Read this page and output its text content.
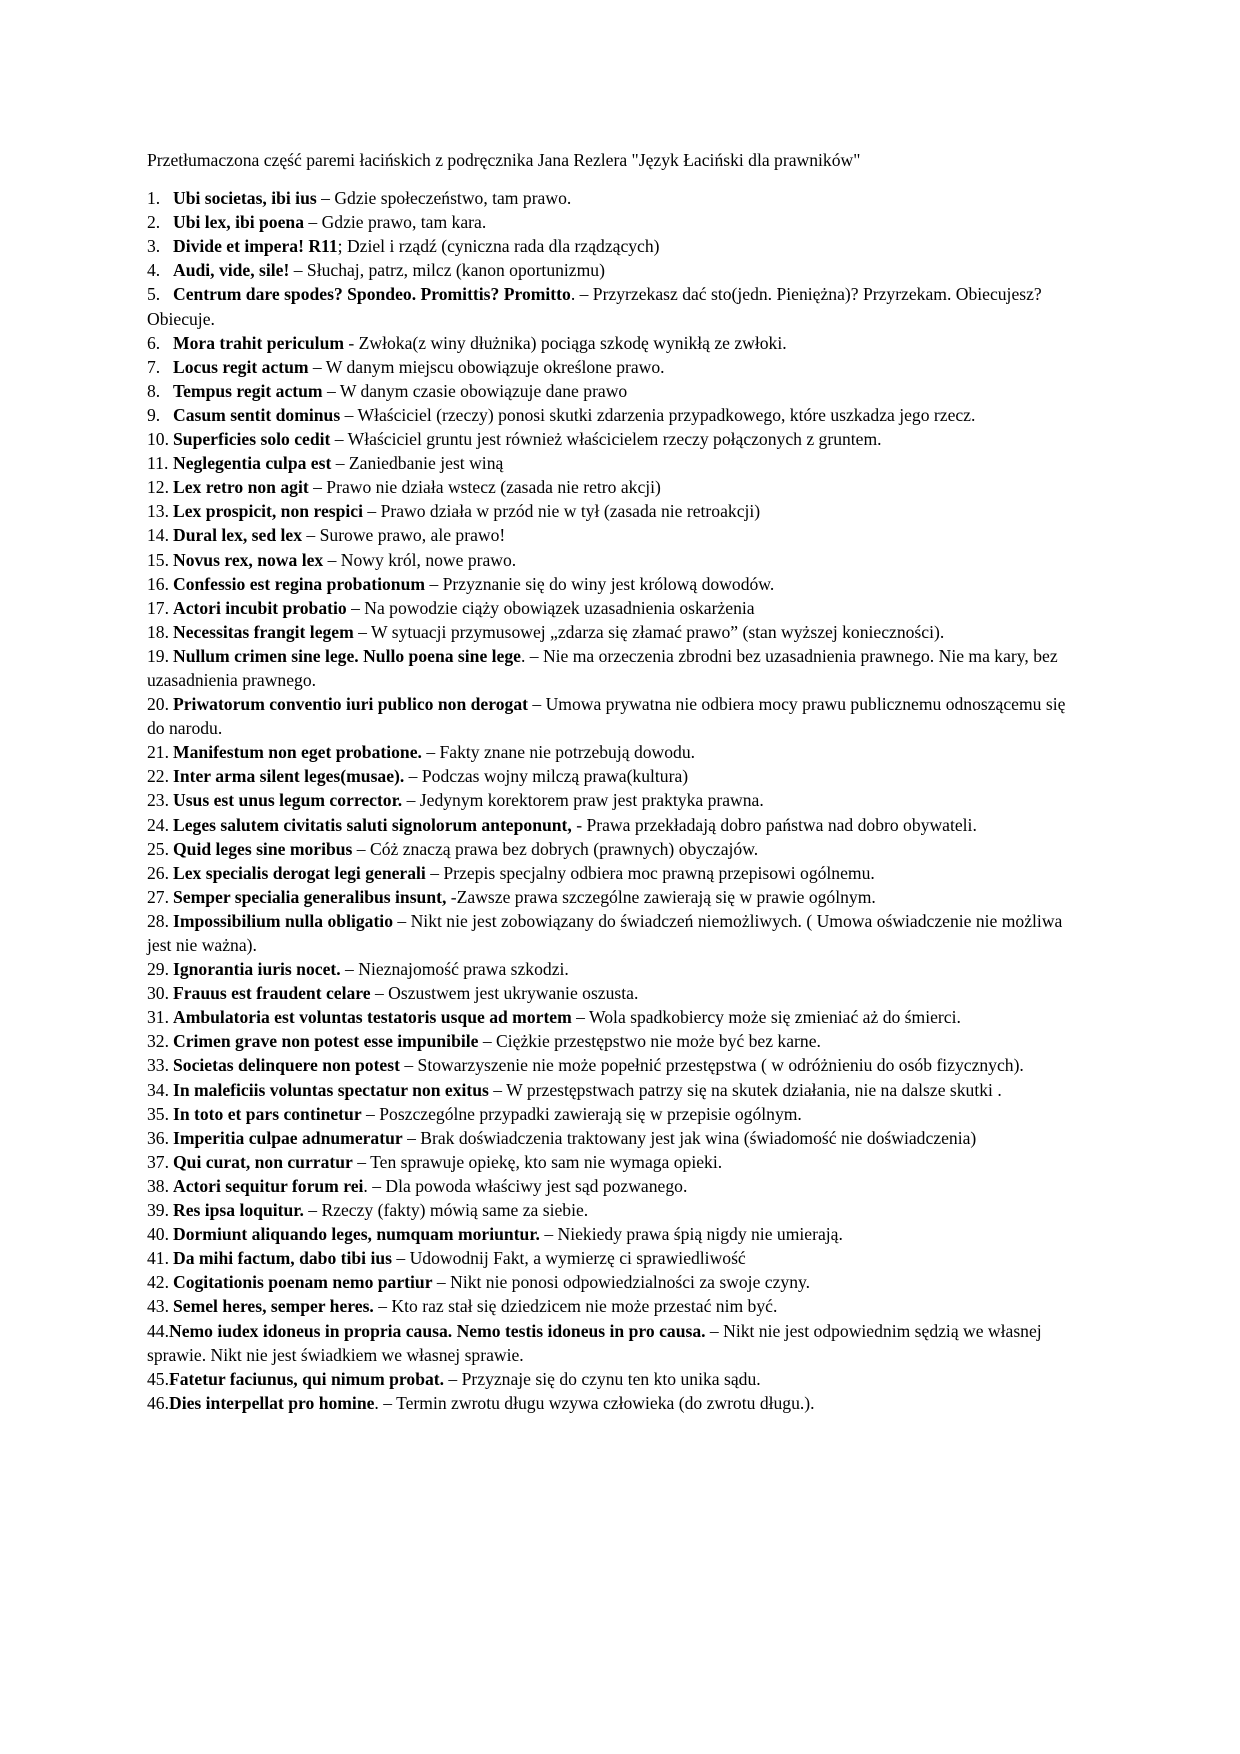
Przetłumaczona część paremi łacińskich z podręcznika Jana Rezlera "Język Łaciński dla prawników"

1. Ubi societas, ibi ius – Gdzie społeczeństwo, tam prawo.

2. Ubi lex, ibi poena – Gdzie prawo, tam kara.

3. Divide et impera! R11; Dziel i rządź (cyniczna rada dla rządzących)

4. Audi, vide, sile! – Słuchaj, patrz, milcz (kanon oportunizmu)

5. Centrum dare spodes? Spondeo. Promittis? Promitto. – Przyrzekasz dać sto(jedn. Pieniężna)? Przyrzekam. Obiecujesz? Obiecuje.

6. Mora trahit periculum - Zwłoka(z winy dłużnika) pociąga szkodę wynikłą ze zwłoki.

7. Locus regit actum – W danym miejscu obowiązuje określone prawo.

8. Tempus regit actum – W danym czasie obowiązuje dane prawo

9. Casum sentit dominus – Właściciel (rzeczy) ponosi skutki zdarzenia przypadkowego, które uszkadza jego rzecz.

10. Superficies solo cedit – Właściciel gruntu jest również właścicielem rzeczy połączonych z gruntem.

11. Neglegentia culpa est – Zaniedbanie jest winą

12. Lex retro non agit – Prawo nie działa wstecz (zasada nie retro akcji)

13. Lex prospicit, non respici – Prawo działa w przód nie w tył (zasada nie retroakcji)

14. Dural lex, sed lex – Surowe prawo, ale prawo!

15. Novus rex, nowa lex – Nowy król, nowe prawo.

16. Confessio est regina probationum – Przyznanie się do winy jest królową dowodów.

17. Actori incubit probatio – Na powodzie ciąży obowiązek uzasadnienia oskarżenia

18. Necessitas frangit legem – W sytuacji przymusowej „zdarza się złamać prawo” (stan wyższej konieczności).

19. Nullum crimen sine lege. Nullo poena sine lege. – Nie ma orzeczenia zbrodni bez uzasadnienia prawnego. Nie ma kary, bez uzasadnienia prawnego.

20. Priwatorum conventio iuri publico non derogat – Umowa prywatna nie odbiera mocy prawu publicznemu odnoszącemu się do narodu.

21. Manifestum non eget probatione. – Fakty znane nie potrzebują dowodu.

22. Inter arma silent leges(musae). – Podczas wojny milczą prawa(kultura)

23. Usus est unus legum corrector. – Jedynym korektorem praw jest praktyka prawna.

24. Leges salutem civitatis saluti signolorum anteponunt, - Prawa przekładają dobro państwa nad dobro obywateli.

25. Quid leges sine moribus – Cóż znaczą prawa bez dobrych (prawnych) obyczajów.

26. Lex specialis derogat legi generali – Przepis specjalny odbiera moc prawną przepisowi ogólnemu.

27. Semper specialia generalibus insunt, -Zawsze prawa szczególne zawierają się w prawie ogólnym.

28. Impossibilium nulla obligatio – Nikt nie jest zobowiązany do świadczeń niemożliwych. ( Umowa oświadczenie nie możliwa jest nie ważna).

29. Ignorantia iuris nocet. – Nieznajomość prawa szkodzi.

30. Frauus est fraudent celare – Oszustwem jest ukrywanie oszusta.

31. Ambulatoria est voluntas testatoris usque ad mortem – Wola spadkobiercy może się zmieniać aż do śmierci.

32. Crimen grave non potest esse impunibile – Ciężkie przestępstwo nie może być bez karne.

33. Societas delinquere non potest – Stowarzyszenie nie może popełnić przestępstwa ( w odróżnieniu do osób fizycznych).

34. In maleficiis voluntas spectatur non exitus – W przestępstwach patrzy się na skutek działania, nie na dalsze skutki .

35. In toto et pars continetur – Poszczególne przypadki zawierają się w przepisie ogólnym.

36. Imperitia culpae adnumeratur – Brak doświadczenia traktowany jest jak wina (świadomość nie doświadczenia)

37. Qui curat, non curratur – Ten sprawuje opiekę, kto sam nie wymaga opieki.

38. Actori sequitur forum rei. – Dla powoda właściwy jest sąd pozwanego.

39. Res ipsa loquitur. – Rzeczy (fakty) mówią same za siebie.

40. Dormiunt aliquando leges, numquam moriuntur. – Niekiedy prawa śpią nigdy nie umierają.

41. Da mihi factum, dabo tibi ius – Udowodnij Fakt, a wymierzę ci sprawiedliwość

42. Cogitationis poenam nemo partiur – Nikt nie ponosi odpowiedzialności za swoje czyny.

43. Semel heres, semper heres. – Kto raz stał się dziedzicem nie może przestać nim być.

44.Nemo iudex idoneus in propria causa. Nemo testis idoneus in pro causa. – Nikt nie jest odpowiednim sędzią we własnej sprawie. Nikt nie jest świadkiem we własnej sprawie.

45.Fatetur faciunus, qui nimum probat. – Przyznaje się do czynu ten kto unika sądu.

46.Dies interpellat pro homine. – Termin zwrotu długu wzywa człowieka (do zwrotu długu.).
